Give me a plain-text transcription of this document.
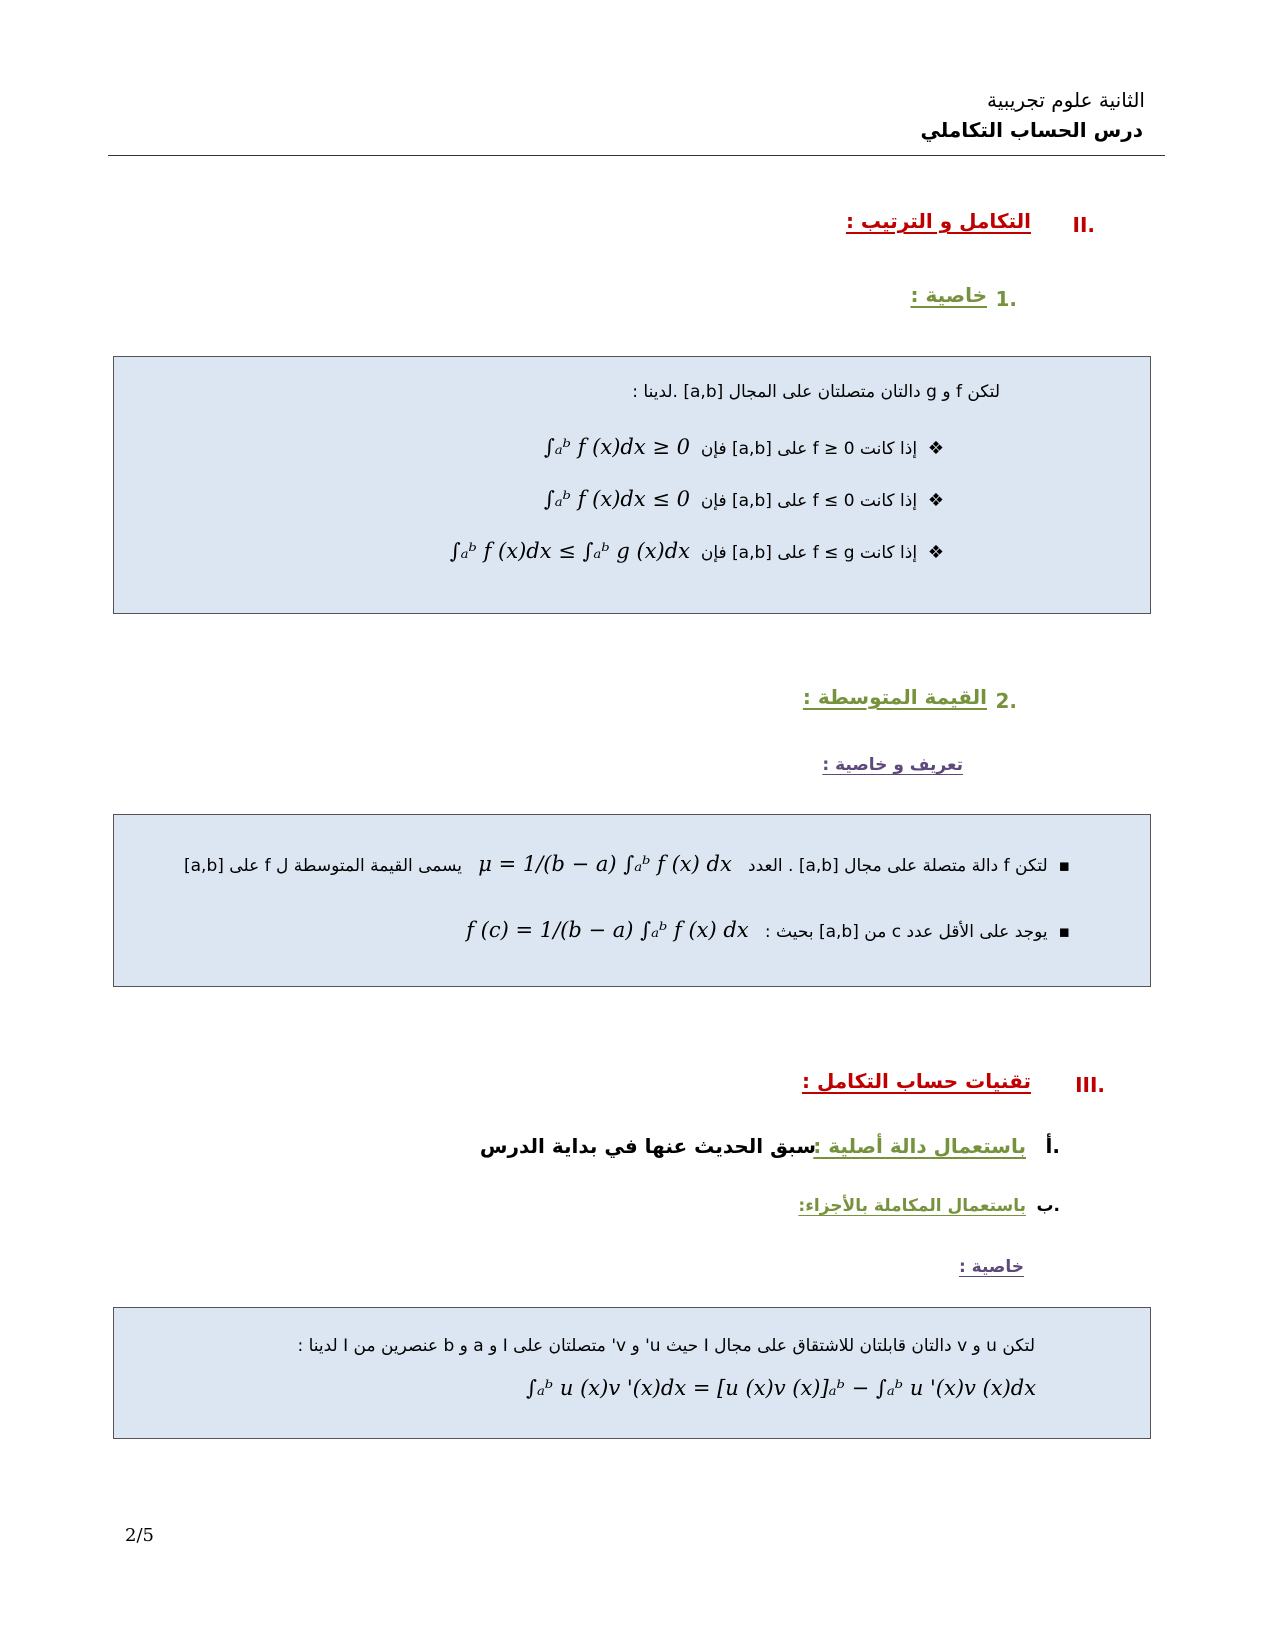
الثانية علوم تجريبية
درس الحساب التكاملي
II.
التكامل و الترتيب :
1.
خاصية :
لتكن f و g دالتان متصلتان على المجال [a,b] .لدينا :
❖  إذا كانت f ≥ 0 على [a,b] فإن  ∫ₐᵇ f (x)dx ≥ 0
❖  إذا كانت f ≤ 0 على [a,b] فإن  ∫ₐᵇ f (x)dx ≤ 0
❖  إذا كانت f ≤ g على [a,b] فإن  ∫ₐᵇ f (x)dx ≤ ∫ₐᵇ g (x)dx
2.
القيمة المتوسطة :
تعريف و خاصية :
▪  لتكن f دالة متصلة على مجال [a,b] . العدد   μ = 1/(b − a) ∫ₐᵇ f (x) dx   يسمى القيمة المتوسطة ل f على [a,b]
▪  يوجد على الأقل عدد c من [a,b] بحيث :   f (c) = 1/(b − a) ∫ₐᵇ f (x) dx
III.
تقنيات حساب التكامل :
أ.
باستعمال دالة أصلية :
سبق الحديث عنها في بداية الدرس
ب.
باستعمال المكاملة بالأجزاء:
خاصية :
لتكن u و v دالتان قابلتان للاشتقاق على مجال I حيث u' و v' متصلتان على I و a و b عنصرين من I لدينا :
∫ₐᵇ u (x)v '(x)dx = [u (x)v (x)]ₐᵇ − ∫ₐᵇ u '(x)v (x)dx
2/5
